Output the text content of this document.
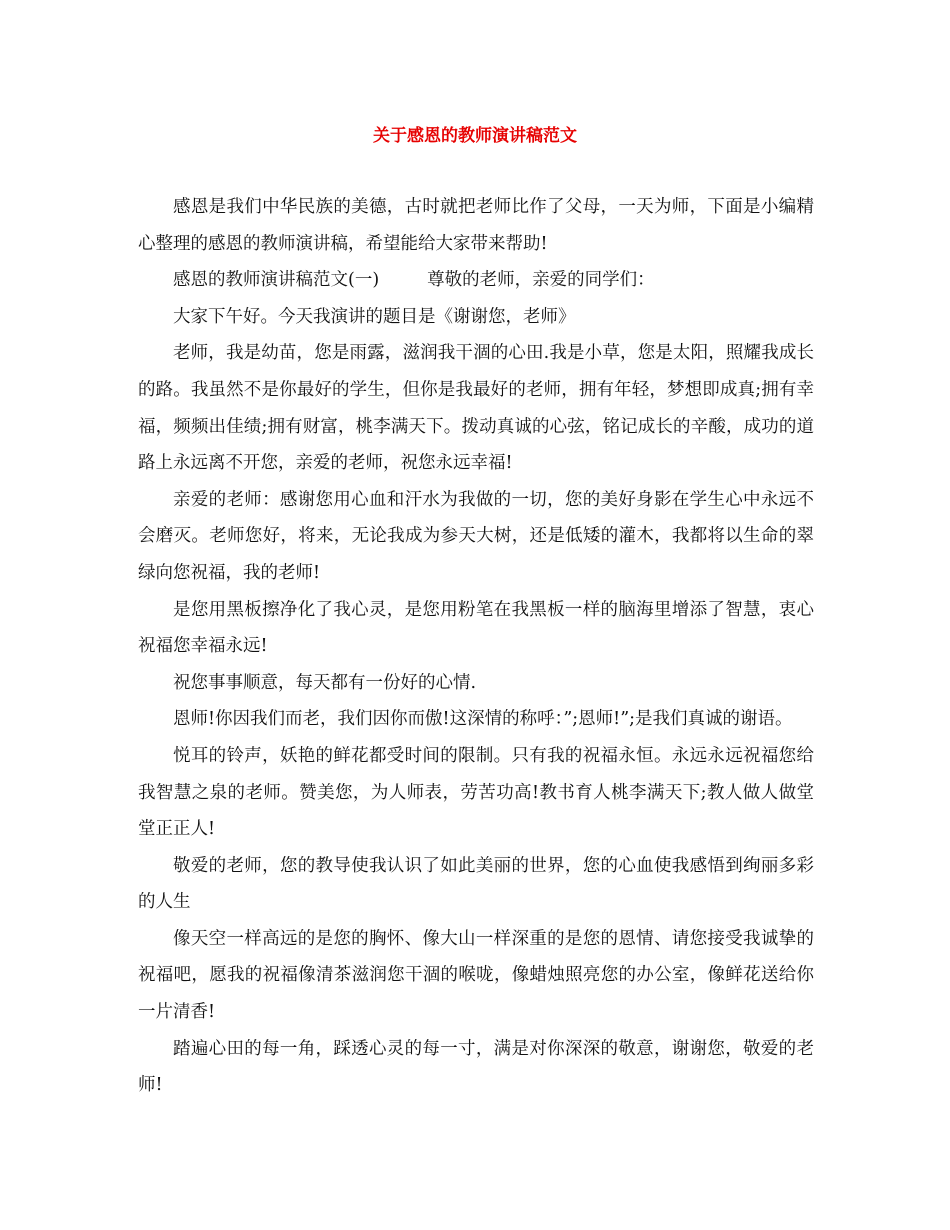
关于感恩的教师演讲稿范文

感恩是我们中华民族的美德，古时就把老师比作了父母，一天为师，下面是小编精心整理的感恩的教师演讲稿，希望能给大家带来帮助!

感恩的教师演讲稿范文(一)	尊敬的老师，亲爱的同学们：

大家下午好。今天我演讲的题目是《谢谢您，老师》

老师，我是幼苗，您是雨露，滋润我干涸的心田.我是小草，您是太阳，照耀我成长的路。我虽然不是你最好的学生，但你是我最好的老师，拥有年轻，梦想即成真;拥有幸福，频频出佳绩;拥有财富，桃李满天下。拨动真诚的心弦，铭记成长的辛酸，成功的道路上永远离不开您，亲爱的老师，祝您永远幸福!

亲爱的老师：感谢您用心血和汗水为我做的一切，您的美好身影在学生心中永远不会磨灭。老师您好，将来，无论我成为参天大树，还是低矮的灌木，我都将以生命的翠绿向您祝福，我的老师!

是您用黑板擦净化了我心灵，是您用粉笔在我黑板一样的脑海里增添了智慧，衷心祝福您幸福永远!

祝您事事顺意，每天都有一份好的心情.

恩师!你因我们而老，我们因你而傲!这深情的称呼：”;恩师!”;是我们真诚的谢语。

悦耳的铃声，妖艳的鲜花都受时间的限制。只有我的祝福永恒。永远永远祝福您给我智慧之泉的老师。赞美您，为人师表，劳苦功高!教书育人桃李满天下;教人做人做堂堂正正人!

敬爱的老师，您的教导使我认识了如此美丽的世界，您的心血使我感悟到绚丽多彩的人生

像天空一样高远的是您的胸怀、像大山一样深重的是您的恩情、请您接受我诚挚的祝福吧，愿我的祝福像清茶滋润您干涸的喉咙，像蜡烛照亮您的办公室，像鲜花送给你一片清香!

踏遍心田的每一角，踩透心灵的每一寸，满是对你深深的敬意，谢谢您，敬爱的老师!
